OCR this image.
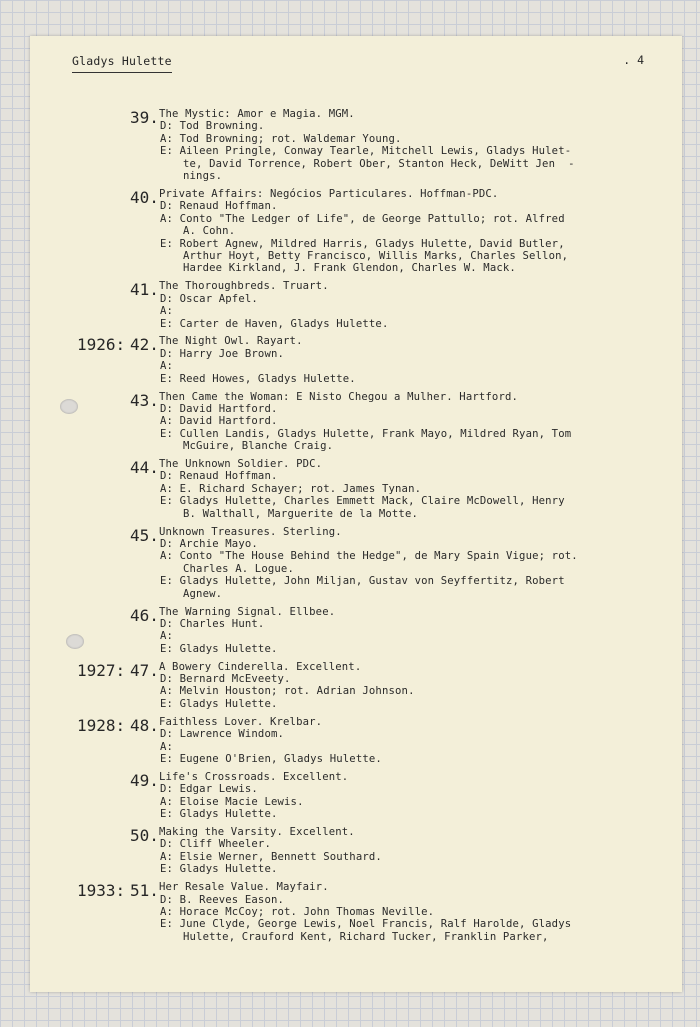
Gladys Hulette	. 4
39. The Mystic: Amor e Magia. MGM.
D: Tod Browning.
A: Tod Browning; rot. Waldemar Young.
E: Aileen Pringle, Conway Tearle, Mitchell Lewis, Gladys Hulet-
te, David Torrence, Robert Ober, Stanton Heck, DeWitt Jen  -
nings.
40. Private Affairs: Negócios Particulares. Hoffman-PDC.
D: Renaud Hoffman.
A: Conto "The Ledger of Life", de George Pattullo; rot. Alfred
A. Cohn.
E: Robert Agnew, Mildred Harris, Gladys Hulette, David Butler,
Arthur Hoyt, Betty Francisco, Willis Marks, Charles Sellon,
Hardee Kirkland, J. Frank Glendon, Charles W. Mack.
41. The Thoroughbreds. Truart.
D: Oscar Apfel.
A:
E: Carter de Haven, Gladys Hulette.
1926: 42. The Night Owl. Rayart.
D: Harry Joe Brown.
A:
E: Reed Howes, Gladys Hulette.
43. Then Came the Woman: E Nisto Chegou a Mulher. Hartford.
D: David Hartford.
A: David Hartford.
E: Cullen Landis, Gladys Hulette, Frank Mayo, Mildred Ryan, Tom
McGuire, Blanche Craig.
44. The Unknown Soldier. PDC.
D: Renaud Hoffman.
A: E. Richard Schayer; rot. James Tynan.
E: Gladys Hulette, Charles Emmett Mack, Claire McDowell, Henry
B. Walthall, Marguerite de la Motte.
45. Unknown Treasures. Sterling.
D: Archie Mayo.
A: Conto "The House Behind the Hedge", de Mary Spain Vigue; rot.
Charles A. Logue.
E: Gladys Hulette, John Miljan, Gustav von Seyffertitz, Robert
Agnew.
46. The Warning Signal. Ellbee.
D: Charles Hunt.
A:
E: Gladys Hulette.
1927: 47. A Bowery Cinderella. Excellent.
D: Bernard McEveety.
A: Melvin Houston; rot. Adrian Johnson.
E: Gladys Hulette.
1928: 48. Faithless Lover. Krelbar.
D: Lawrence Windom.
A:
E: Eugene O'Brien, Gladys Hulette.
49. Life's Crossroads. Excellent.
D: Edgar Lewis.
A: Eloise Macie Lewis.
E: Gladys Hulette.
50. Making the Varsity. Excellent.
D: Cliff Wheeler.
A: Elsie Werner, Bennett Southard.
E: Gladys Hulette.
1933: 51. Her Resale Value. Mayfair.
D: B. Reeves Eason.
A: Horace McCoy; rot. John Thomas Neville.
E: June Clyde, George Lewis, Noel Francis, Ralf Harolde, Gladys
Hulette, Crauford Kent, Richard Tucker, Franklin Parker,
